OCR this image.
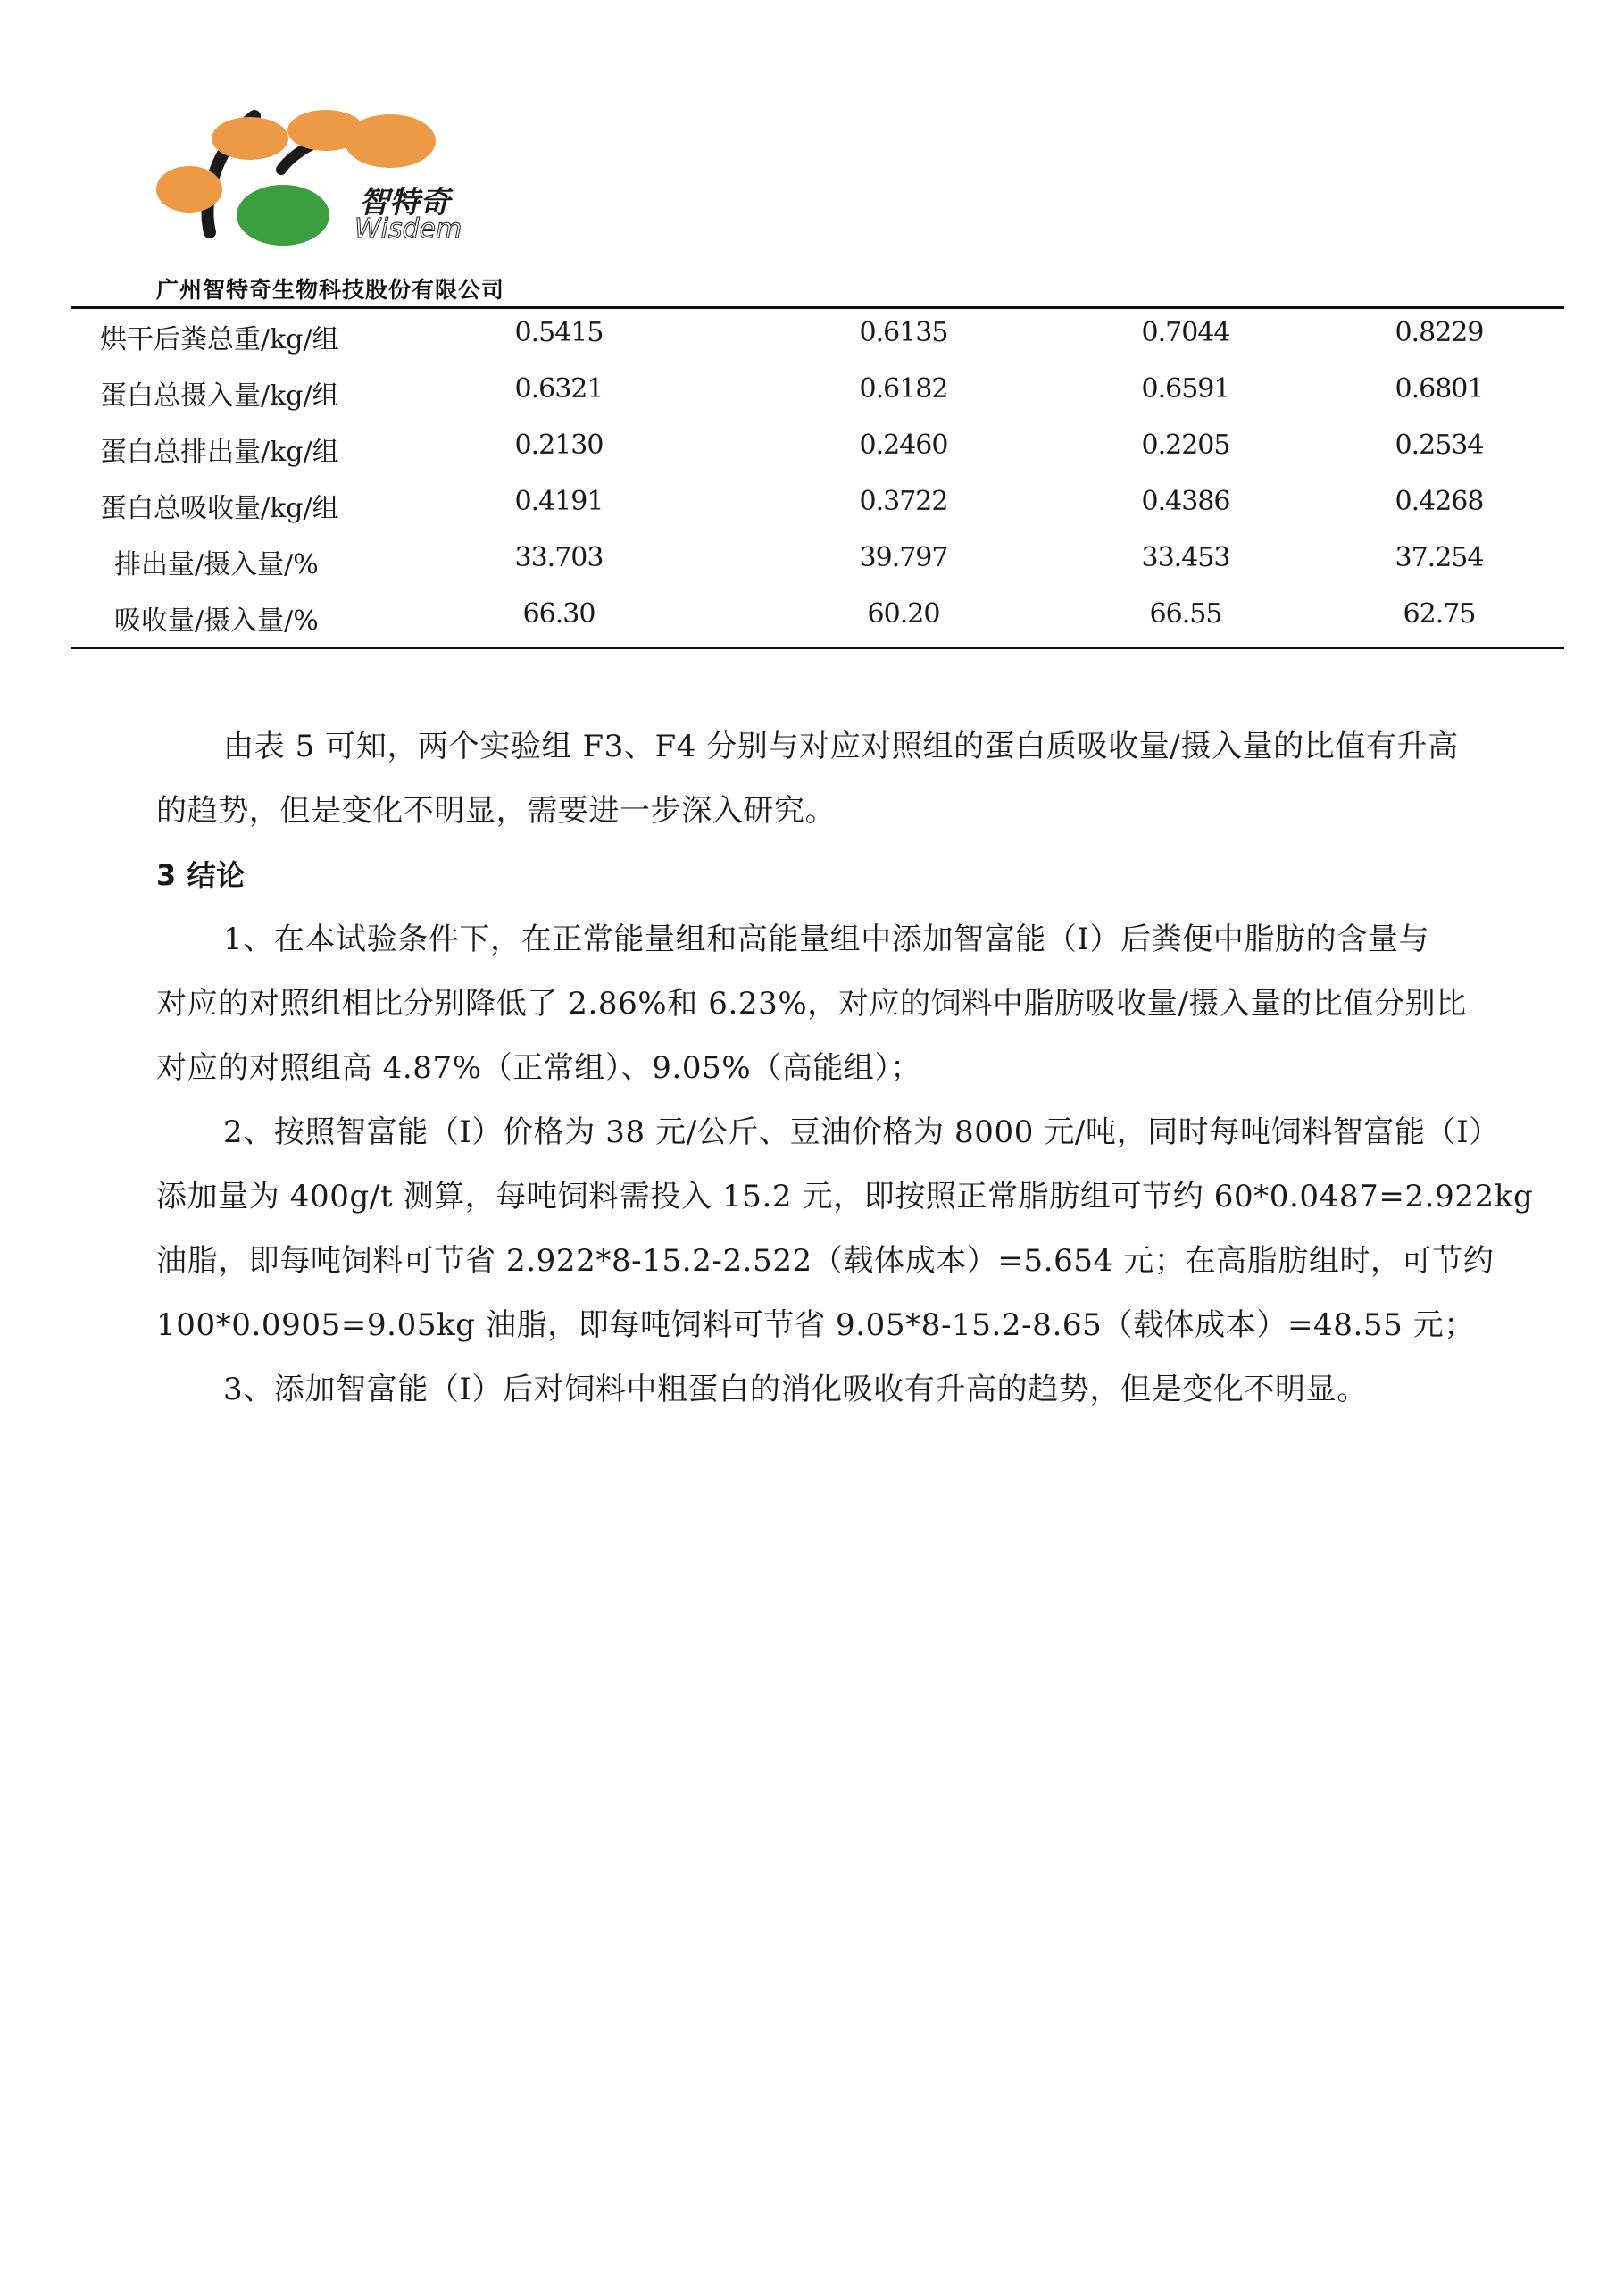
智特奇
Wisdem
广州智特奇生物科技股份有限公司
烘干后粪总重/kg/组	0.5415	0.6135	0.7044	0.8229
蛋白总摄入量/kg/组	0.6321	0.6182	0.6591	0.6801
蛋白总排出量/kg/组	0.2130	0.2460	0.2205	0.2534
蛋白总吸收量/kg/组	0.4191	0.3722	0.4386	0.4268
排出量/摄入量/%	33.703	39.797	33.453	37.254
吸收量/摄入量/%	66.30	60.20	66.55	62.75
由表 5 可知，两个实验组 F3、F4 分别与对应对照组的蛋白质吸收量/摄入量的比值有升高
的趋势，但是变化不明显，需要进一步深入研究。
3 结论
1、在本试验条件下，在正常能量组和高能量组中添加智富能（I）后粪便中脂肪的含量与
对应的对照组相比分别降低了 2.86%和 6.23%，对应的饲料中脂肪吸收量/摄入量的比值分别比
对应的对照组高 4.87%（正常组）、9.05%（高能组）；
2、按照智富能（I）价格为 38 元/公斤、豆油价格为 8000 元/吨，同时每吨饲料智富能（I）
添加量为 400g/t 测算，每吨饲料需投入 15.2 元，即按照正常脂肪组可节约 60*0.0487=2.922kg
油脂，即每吨饲料可节省 2.922*8-15.2-2.522（载体成本）=5.654 元；在高脂肪组时，可节约
100*0.0905=9.05kg 油脂，即每吨饲料可节省 9.05*8-15.2-8.65（载体成本）=48.55 元；
3、添加智富能（I）后对饲料中粗蛋白的消化吸收有升高的趋势，但是变化不明显。
